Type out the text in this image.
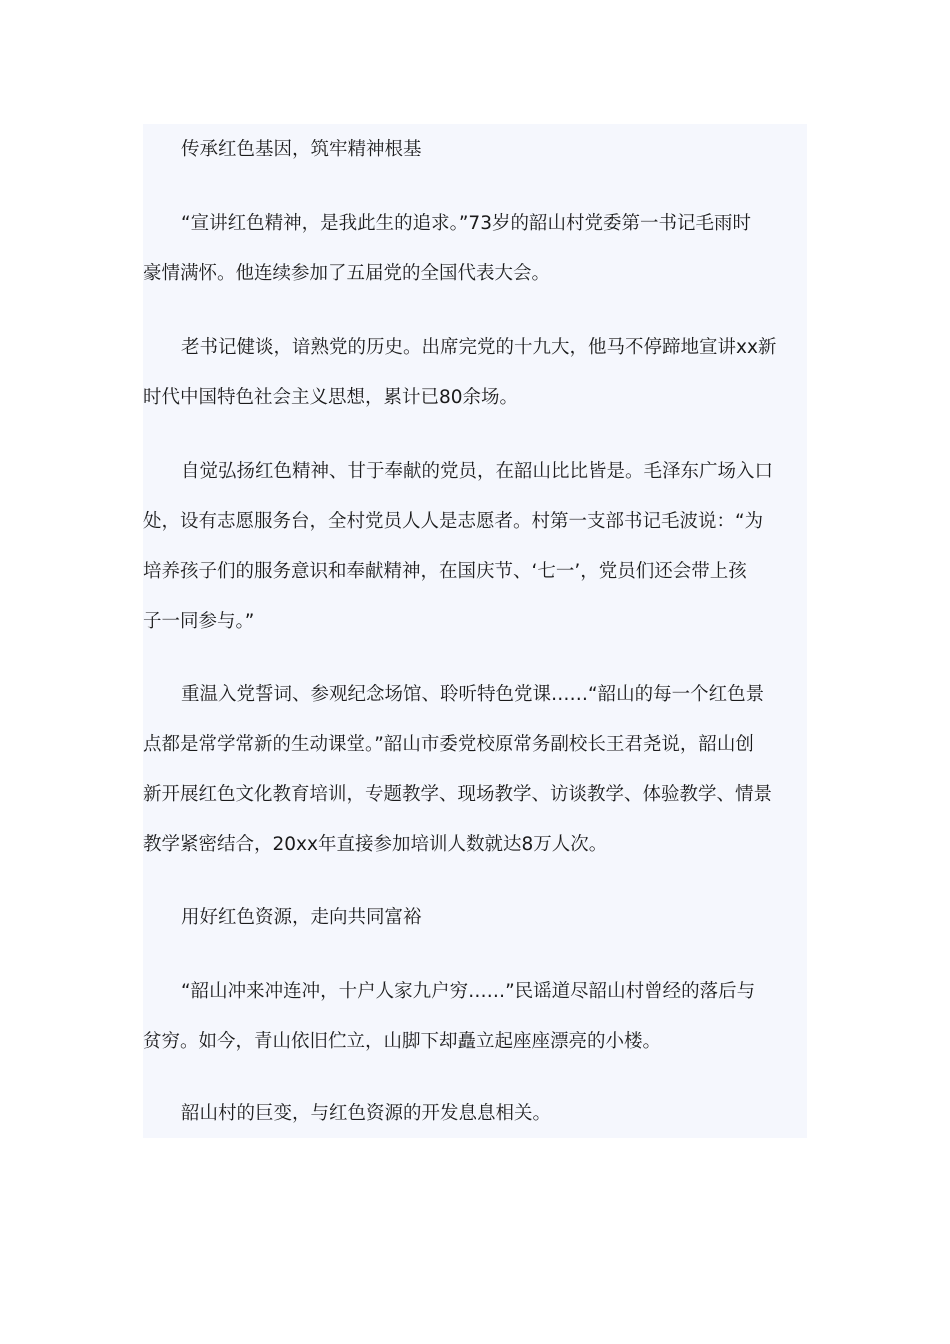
传承红色基因，筑牢精神根基
“宣讲红色精神，是我此生的追求。”73岁的韶山村党委第一书记毛雨时
豪情满怀。他连续参加了五届党的全国代表大会。
老书记健谈，谙熟党的历史。出席完党的十九大，他马不停蹄地宣讲xx新
时代中国特色社会主义思想，累计已80余场。
自觉弘扬红色精神、甘于奉献的党员，在韶山比比皆是。毛泽东广场入口
处，设有志愿服务台，全村党员人人是志愿者。村第一支部书记毛波说：“为
培养孩子们的服务意识和奉献精神，在国庆节、‘七一’，党员们还会带上孩
子一同参与。”
重温入党誓词、参观纪念场馆、聆听特色党课……“韶山的每一个红色景
点都是常学常新的生动课堂。”韶山市委党校原常务副校长王君尧说，韶山创
新开展红色文化教育培训，专题教学、现场教学、访谈教学、体验教学、情景
教学紧密结合，20xx年直接参加培训人数就达8万人次。
用好红色资源，走向共同富裕
“韶山冲来冲连冲，十户人家九户穷……”民谣道尽韶山村曾经的落后与
贫穷。如今，青山依旧伫立，山脚下却矗立起座座漂亮的小楼。
韶山村的巨变，与红色资源的开发息息相关。
